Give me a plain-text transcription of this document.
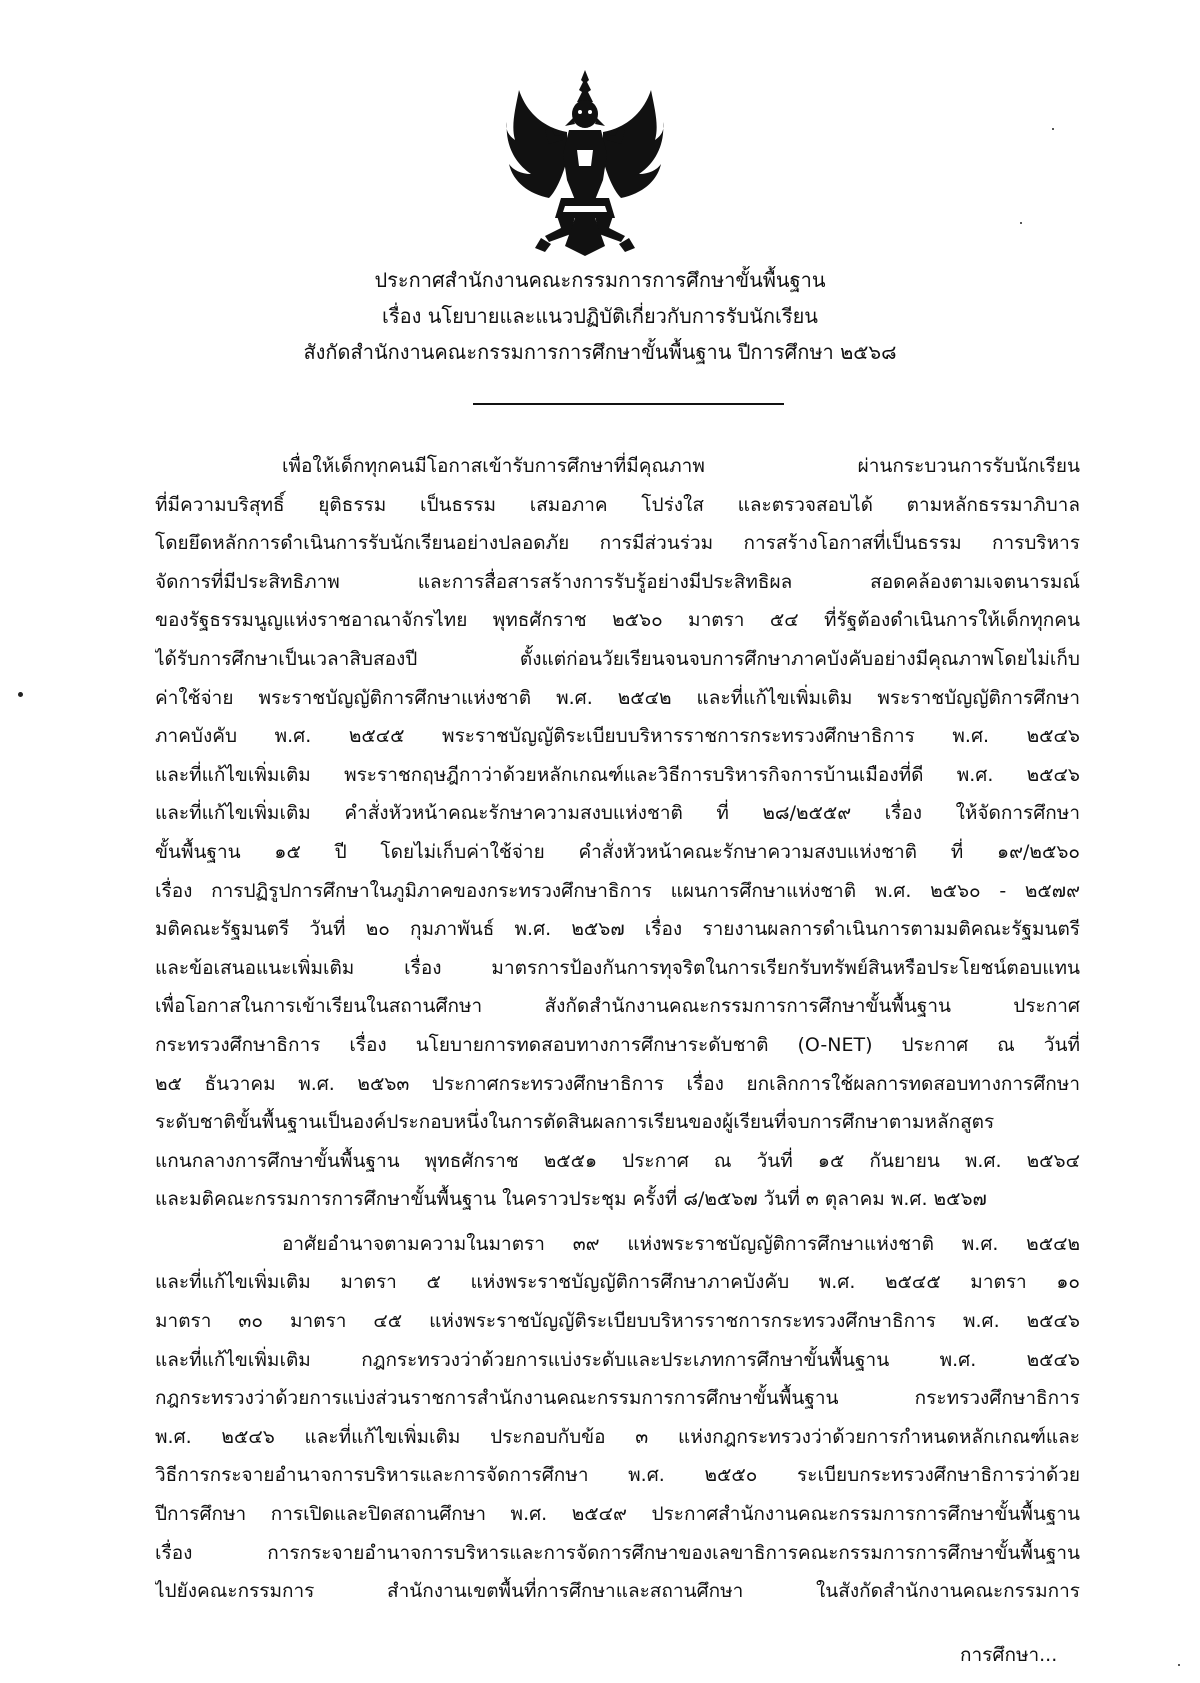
ประกาศสำนักงานคณะกรรมการการศึกษาขั้นพื้นฐาน
เรื่อง นโยบายและแนวปฏิบัติเกี่ยวกับการรับนักเรียน
สังกัดสำนักงานคณะกรรมการการศึกษาขั้นพื้นฐาน ปีการศึกษา ๒๕๖๘
เพื่อให้เด็กทุกคนมีโอกาสเข้ารับการศึกษาที่มีคุณภาพ ผ่านกระบวนการรับนักเรียน
ที่มีความบริสุทธิ์ ยุติธรรม เป็นธรรม เสมอภาค โปร่งใส และตรวจสอบได้ ตามหลักธรรมาภิบาล
โดยยึดหลักการดำเนินการรับนักเรียนอย่างปลอดภัย การมีส่วนร่วม การสร้างโอกาสที่เป็นธรรม การบริหาร
จัดการที่มีประสิทธิภาพ และการสื่อสารสร้างการรับรู้อย่างมีประสิทธิผล สอดคล้องตามเจตนารมณ์
ของรัฐธรรมนูญแห่งราชอาณาจักรไทย พุทธศักราช ๒๕๖๐ มาตรา ๕๔ ที่รัฐต้องดำเนินการให้เด็กทุกคน
ได้รับการศึกษาเป็นเวลาสิบสองปี ตั้งแต่ก่อนวัยเรียนจนจบการศึกษาภาคบังคับอย่างมีคุณภาพโดยไม่เก็บ
ค่าใช้จ่าย พระราชบัญญัติการศึกษาแห่งชาติ พ.ศ. ๒๕๔๒ และที่แก้ไขเพิ่มเติม พระราชบัญญัติการศึกษา
ภาคบังคับ พ.ศ. ๒๕๔๕ พระราชบัญญัติระเบียบบริหารราชการกระทรวงศึกษาธิการ พ.ศ. ๒๕๔๖
และที่แก้ไขเพิ่มเติม พระราชกฤษฎีกาว่าด้วยหลักเกณฑ์และวิธีการบริหารกิจการบ้านเมืองที่ดี พ.ศ. ๒๕๔๖
และที่แก้ไขเพิ่มเติม คำสั่งหัวหน้าคณะรักษาความสงบแห่งชาติ ที่ ๒๘/๒๕๕๙ เรื่อง ให้จัดการศึกษา
ขั้นพื้นฐาน ๑๕ ปี โดยไม่เก็บค่าใช้จ่าย คำสั่งหัวหน้าคณะรักษาความสงบแห่งชาติ ที่ ๑๙/๒๕๖๐
เรื่อง การปฏิรูปการศึกษาในภูมิภาคของกระทรวงศึกษาธิการ แผนการศึกษาแห่งชาติ พ.ศ. ๒๕๖๐ - ๒๕๗๙
มติคณะรัฐมนตรี วันที่ ๒๐ กุมภาพันธ์ พ.ศ. ๒๕๖๗ เรื่อง รายงานผลการดำเนินการตามมติคณะรัฐมนตรี
และข้อเสนอแนะเพิ่มเติม เรื่อง มาตรการป้องกันการทุจริตในการเรียกรับทรัพย์สินหรือประโยชน์ตอบแทน
เพื่อโอกาสในการเข้าเรียนในสถานศึกษา สังกัดสำนักงานคณะกรรมการการศึกษาขั้นพื้นฐาน ประกาศ
กระทรวงศึกษาธิการ เรื่อง นโยบายการทดสอบทางการศึกษาระดับชาติ (O-NET) ประกาศ ณ วันที่
๒๕ ธันวาคม พ.ศ. ๒๕๖๓ ประกาศกระทรวงศึกษาธิการ เรื่อง ยกเลิกการใช้ผลการทดสอบทางการศึกษา
ระดับชาติขั้นพื้นฐานเป็นองค์ประกอบหนึ่งในการตัดสินผลการเรียนของผู้เรียนที่จบการศึกษาตามหลักสูตร
แกนกลางการศึกษาขั้นพื้นฐาน พุทธศักราช ๒๕๕๑ ประกาศ ณ วันที่ ๑๕ กันยายน พ.ศ. ๒๕๖๔
และมติคณะกรรมการการศึกษาขั้นพื้นฐาน ในคราวประชุม ครั้งที่ ๘/๒๕๖๗ วันที่ ๓ ตุลาคม พ.ศ. ๒๕๖๗
อาศัยอำนาจตามความในมาตรา ๓๙ แห่งพระราชบัญญัติการศึกษาแห่งชาติ พ.ศ. ๒๕๔๒
และที่แก้ไขเพิ่มเติม มาตรา ๕ แห่งพระราชบัญญัติการศึกษาภาคบังคับ พ.ศ. ๒๕๔๕ มาตรา ๑๐
มาตรา ๓๐ มาตรา ๔๕ แห่งพระราชบัญญัติระเบียบบริหารราชการกระทรวงศึกษาธิการ พ.ศ. ๒๕๔๖
และที่แก้ไขเพิ่มเติม กฎกระทรวงว่าด้วยการแบ่งระดับและประเภทการศึกษาขั้นพื้นฐาน พ.ศ. ๒๕๔๖
กฎกระทรวงว่าด้วยการแบ่งส่วนราชการสำนักงานคณะกรรมการการศึกษาขั้นพื้นฐาน กระทรวงศึกษาธิการ
พ.ศ. ๒๕๔๖ และที่แก้ไขเพิ่มเติม ประกอบกับข้อ ๓ แห่งกฎกระทรวงว่าด้วยการกำหนดหลักเกณฑ์และ
วิธีการกระจายอำนาจการบริหารและการจัดการศึกษา พ.ศ. ๒๕๕๐ ระเบียบกระทรวงศึกษาธิการว่าด้วย
ปีการศึกษา การเปิดและปิดสถานศึกษา พ.ศ. ๒๕๔๙ ประกาศสำนักงานคณะกรรมการการศึกษาขั้นพื้นฐาน
เรื่อง การกระจายอำนาจการบริหารและการจัดการศึกษาของเลขาธิการคณะกรรมการการศึกษาขั้นพื้นฐาน
ไปยังคณะกรรมการ สำนักงานเขตพื้นที่การศึกษาและสถานศึกษา ในสังกัดสำนักงานคณะกรรมการ
การศึกษา...
